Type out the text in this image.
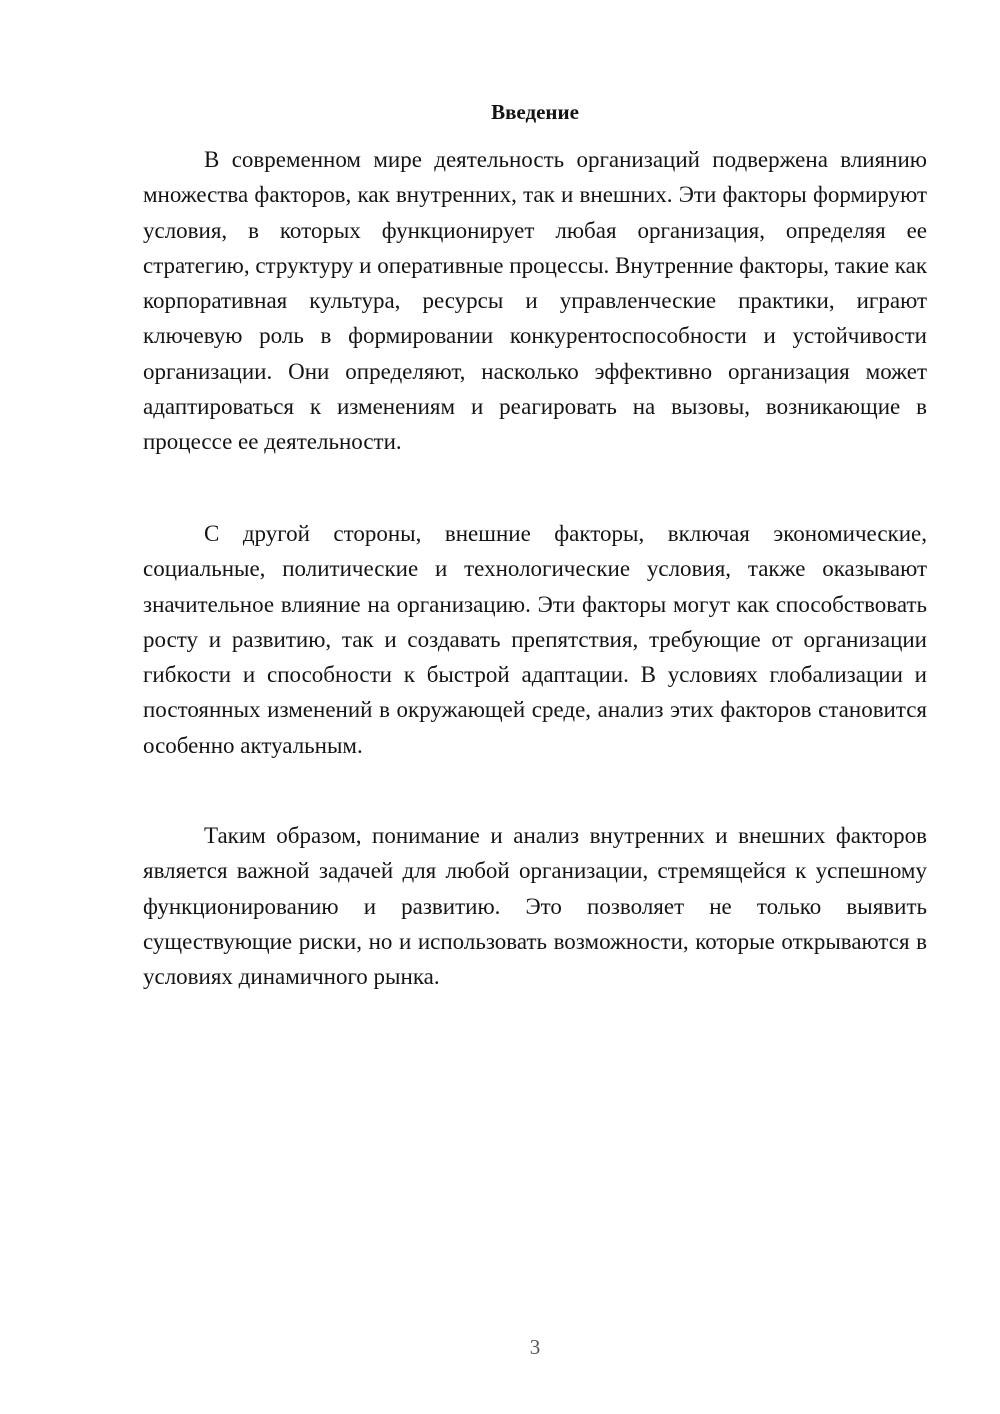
Введение

В современном мире деятельность организаций подвержена влиянию множества факторов, как внутренних, так и внешних. Эти факторы формируют условия, в которых функционирует любая организация, определяя ее стратегию, структуру и оперативные процессы. Внутренние факторы, такие как корпоративная культура, ресурсы и управленческие практики, играют ключевую роль в формировании конкурентоспособности и устойчивости организации. Они определяют, насколько эффективно организация может адаптироваться к изменениям и реагировать на вызовы, возникающие в процессе ее деятельности.

С другой стороны, внешние факторы, включая экономические, социальные, политические и технологические условия, также оказывают значительное влияние на организацию. Эти факторы могут как способствовать росту и развитию, так и создавать препятствия, требующие от организации гибкости и способности к быстрой адаптации. В условиях глобализации и постоянных изменений в окружающей среде, анализ этих факторов становится особенно актуальным.

Таким образом, понимание и анализ внутренних и внешних факторов является важной задачей для любой организации, стремящейся к успешному функционированию и развитию. Это позволяет не только выявить существующие риски, но и использовать возможности, которые открываются в условиях динамичного рынка.

3
